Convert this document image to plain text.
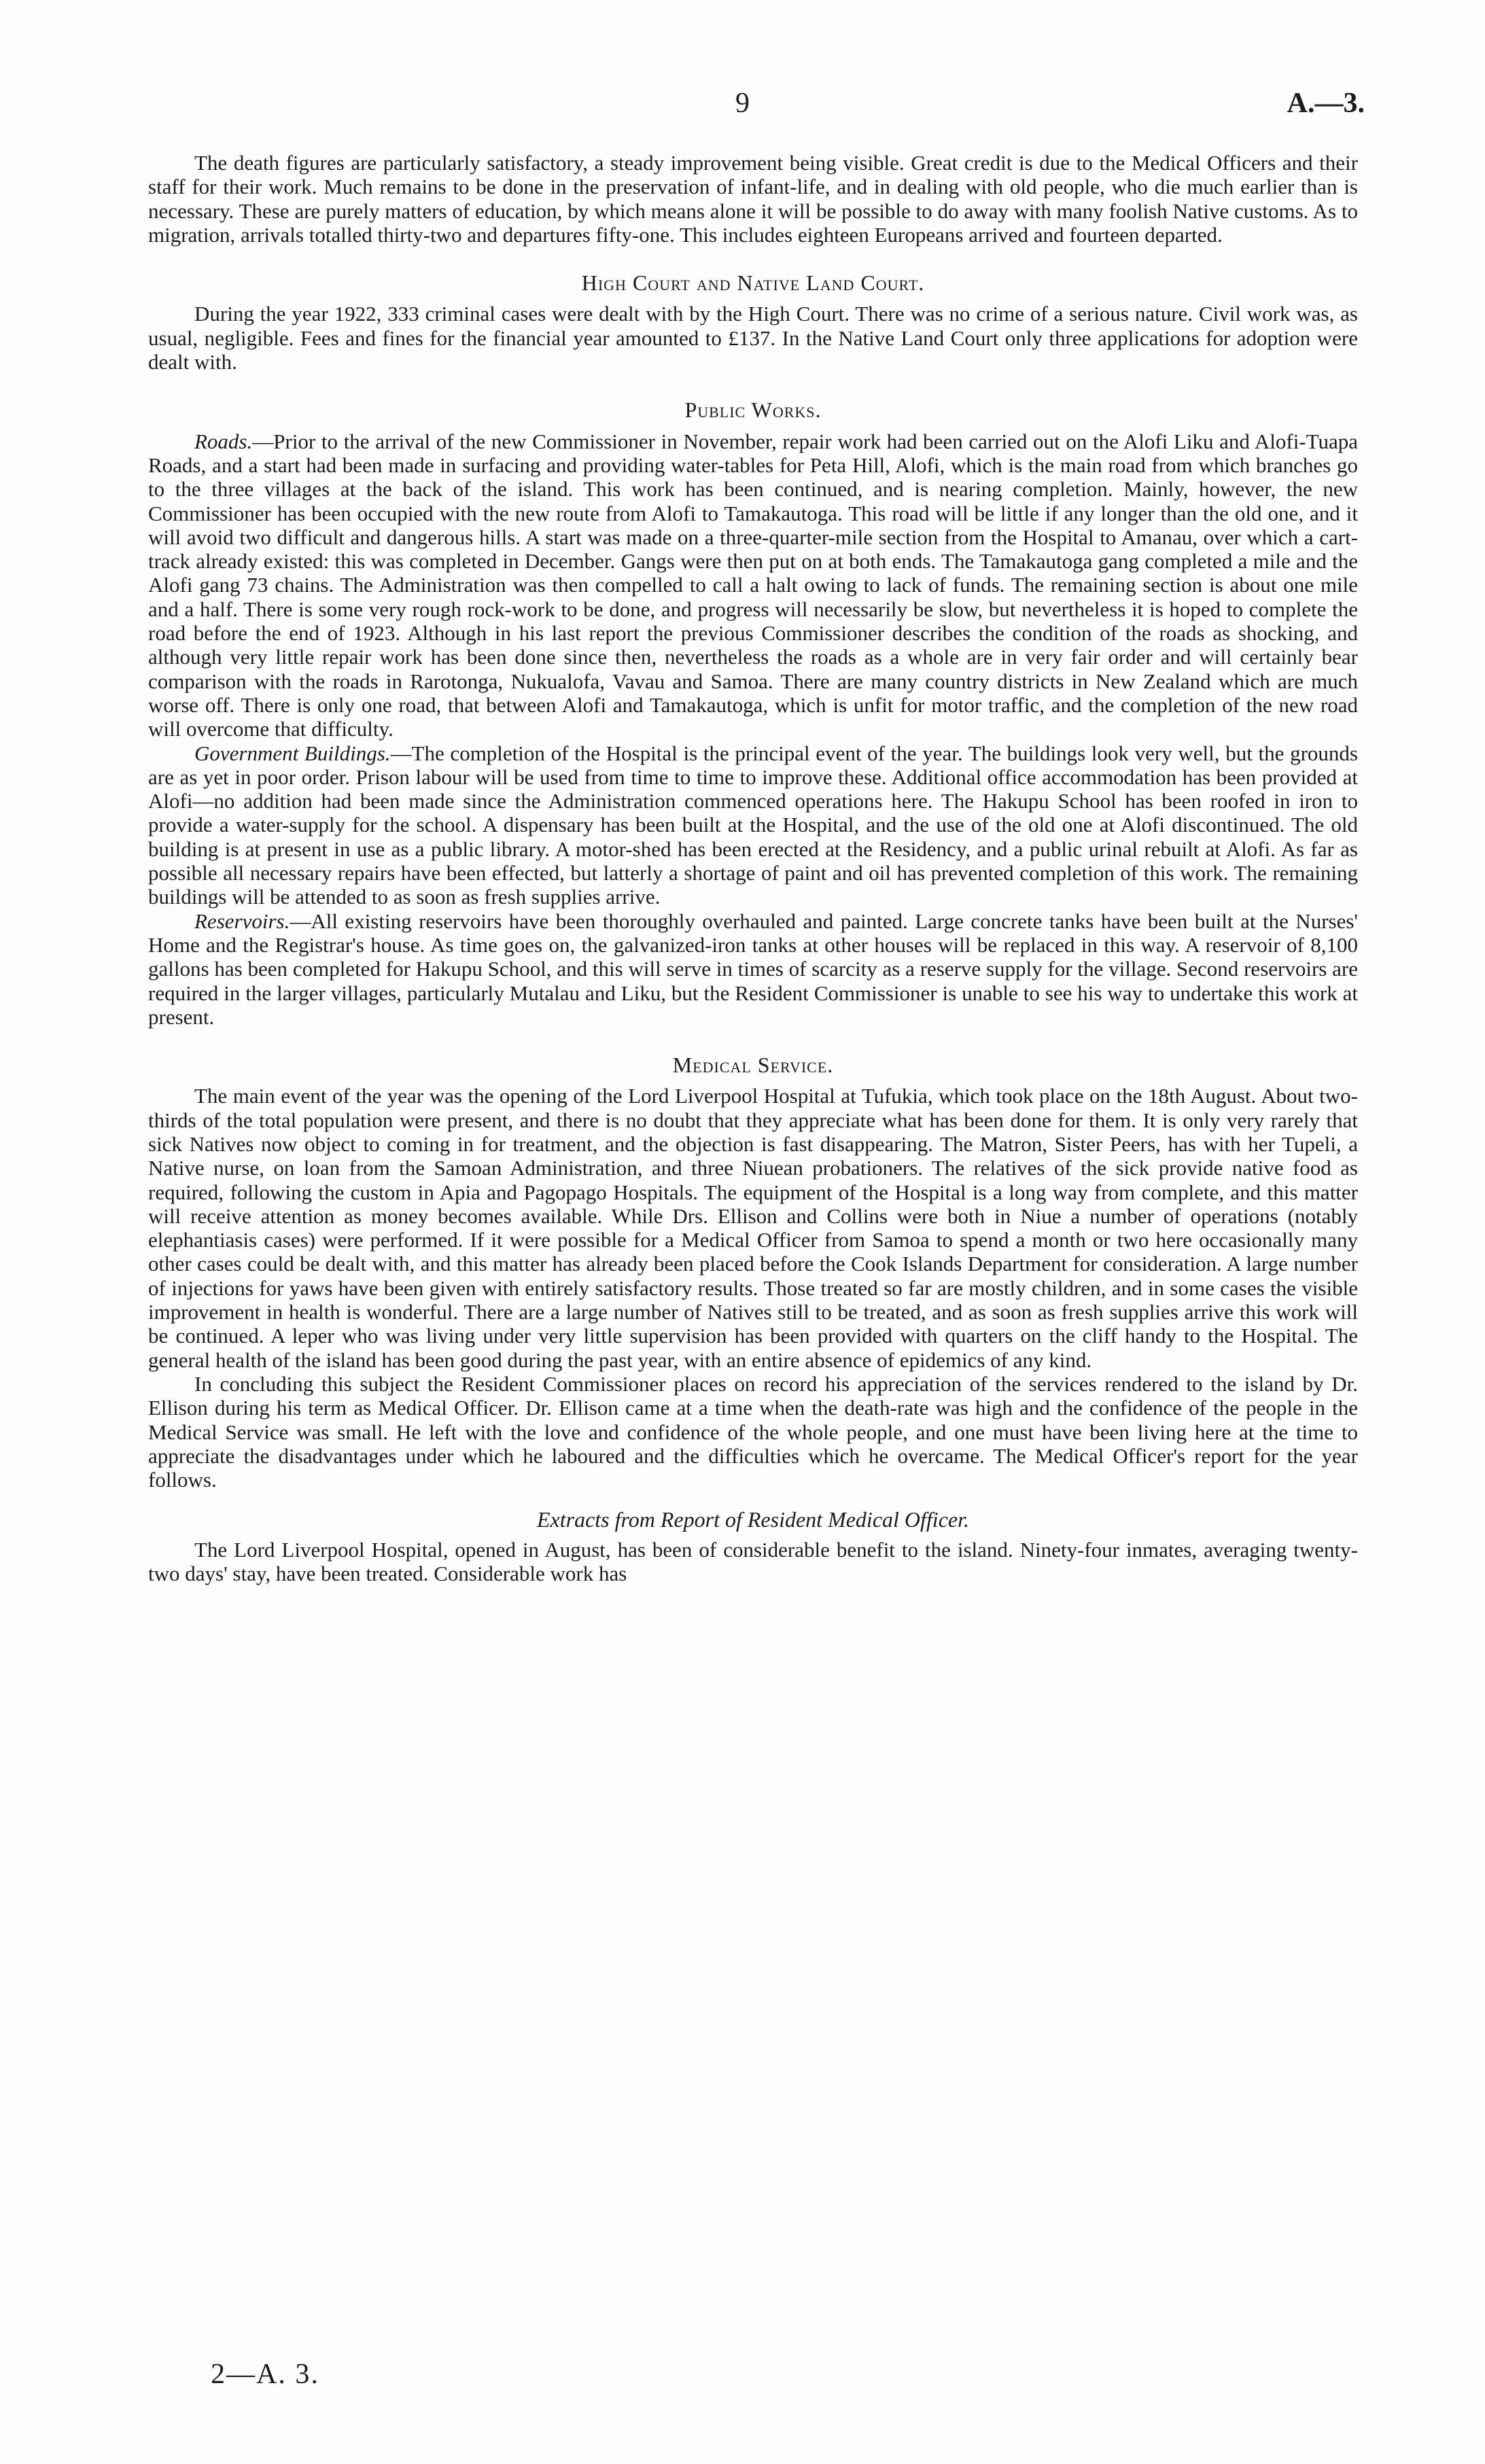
9	A.—3.

The death figures are particularly satisfactory, a steady improvement being visible. Great credit is due to the Medical Officers and their staff for their work. Much remains to be done in the preservation of infant-life, and in dealing with old people, who die much earlier than is necessary. These are purely matters of education, by which means alone it will be possible to do away with many foolish Native customs. As to migration, arrivals totalled thirty-two and departures fifty-one. This includes eighteen Europeans arrived and fourteen departed.

High Court and Native Land Court.

During the year 1922, 333 criminal cases were dealt with by the High Court. There was no crime of a serious nature. Civil work was, as usual, negligible. Fees and fines for the financial year amounted to £137. In the Native Land Court only three applications for adoption were dealt with.

Public Works.

Roads.—Prior to the arrival of the new Commissioner in November, repair work had been carried out on the Alofi Liku and Alofi-Tuapa Roads, and a start had been made in surfacing and providing water-tables for Peta Hill, Alofi, which is the main road from which branches go to the three villages at the back of the island. This work has been continued, and is nearing completion. Mainly, however, the new Commissioner has been occupied with the new route from Alofi to Tamakautoga. This road will be little if any longer than the old one, and it will avoid two difficult and dangerous hills. A start was made on a three-quarter-mile section from the Hospital to Amanau, over which a cart-track already existed: this was completed in December. Gangs were then put on at both ends. The Tamakautoga gang completed a mile and the Alofi gang 73 chains. The Administration was then compelled to call a halt owing to lack of funds. The remaining section is about one mile and a half. There is some very rough rock-work to be done, and progress will necessarily be slow, but nevertheless it is hoped to complete the road before the end of 1923. Although in his last report the previous Commissioner describes the condition of the roads as shocking, and although very little repair work has been done since then, nevertheless the roads as a whole are in very fair order and will certainly bear comparison with the roads in Rarotonga, Nukualofa, Vavau and Samoa. There are many country districts in New Zealand which are much worse off. There is only one road, that between Alofi and Tamakautoga, which is unfit for motor traffic, and the completion of the new road will overcome that difficulty.

Government Buildings.—The completion of the Hospital is the principal event of the year. The buildings look very well, but the grounds are as yet in poor order. Prison labour will be used from time to time to improve these. Additional office accommodation has been provided at Alofi—no addition had been made since the Administration commenced operations here. The Hakupu School has been roofed in iron to provide a water-supply for the school. A dispensary has been built at the Hospital, and the use of the old one at Alofi discontinued. The old building is at present in use as a public library. A motor-shed has been erected at the Residency, and a public urinal rebuilt at Alofi. As far as possible all necessary repairs have been effected, but latterly a shortage of paint and oil has prevented completion of this work. The remaining buildings will be attended to as soon as fresh supplies arrive.

Reservoirs.—All existing reservoirs have been thoroughly overhauled and painted. Large concrete tanks have been built at the Nurses' Home and the Registrar's house. As time goes on, the galvanized-iron tanks at other houses will be replaced in this way. A reservoir of 8,100 gallons has been completed for Hakupu School, and this will serve in times of scarcity as a reserve supply for the village. Second reservoirs are required in the larger villages, particularly Mutalau and Liku, but the Resident Commissioner is unable to see his way to undertake this work at present.

Medical Service.

The main event of the year was the opening of the Lord Liverpool Hospital at Tufukia, which took place on the 18th August. About two-thirds of the total population were present, and there is no doubt that they appreciate what has been done for them. It is only very rarely that sick Natives now object to coming in for treatment, and the objection is fast disappearing. The Matron, Sister Peers, has with her Tupeli, a Native nurse, on loan from the Samoan Administration, and three Niuean probationers. The relatives of the sick provide native food as required, following the custom in Apia and Pagopago Hospitals. The equipment of the Hospital is a long way from complete, and this matter will receive attention as money becomes available. While Drs. Ellison and Collins were both in Niue a number of operations (notably elephantiasis cases) were performed. If it were possible for a Medical Officer from Samoa to spend a month or two here occasionally many other cases could be dealt with, and this matter has already been placed before the Cook Islands Department for consideration. A large number of injections for yaws have been given with entirely satisfactory results. Those treated so far are mostly children, and in some cases the visible improvement in health is wonderful. There are a large number of Natives still to be treated, and as soon as fresh supplies arrive this work will be continued. A leper who was living under very little supervision has been provided with quarters on the cliff handy to the Hospital. The general health of the island has been good during the past year, with an entire absence of epidemics of any kind.

In concluding this subject the Resident Commissioner places on record his appreciation of the services rendered to the island by Dr. Ellison during his term as Medical Officer. Dr. Ellison came at a time when the death-rate was high and the confidence of the people in the Medical Service was small. He left with the love and confidence of the whole people, and one must have been living here at the time to appreciate the disadvantages under which he laboured and the difficulties which he overcame. The Medical Officer's report for the year follows.

Extracts from Report of Resident Medical Officer.

The Lord Liverpool Hospital, opened in August, has been of considerable benefit to the island. Ninety-four inmates, averaging twenty-two days' stay, have been treated. Considerable work has

2—A. 3.
